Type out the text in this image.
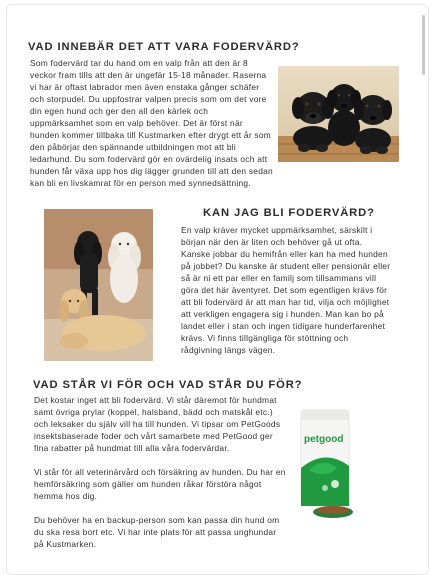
VAD INNEBÄR DET ATT VARA FODERVÄRD?

Som fodervärd tar du hand om en valp från att den är 8 veckor fram tills att den är ungefär 15-18 månader. Raserna vi har är oftast labrador men även enstaka gånger schäfer och storpudel. Du uppfostrar valpen precis som om det vore din egen hund och ger den all den kärlek och uppmärksamhet som en valp behöver. Det är först när hunden kommer tillbaka till Kustmarken efter drygt ett år som den påbörjar den spännande utbildningen mot att bli ledarhund. Du som fodervärd gör en ovärdelig insats och att hunden får växa upp hos dig lägger grunden till att den sedan kan bli en livskamrat för en person med synnedsättning.

KAN JAG BLI FODERVÄRD?

En valp kräver mycket uppmärksamhet, särskilt i början när den är liten och behöver gå ut ofta. Kanske jobbar du hemifrån eller kan ha med hunden på jobbet? Du kanske är student eller pensionär eller så är ni ett par eller en familj som tillsammans vill göra det här äventyret. Det som egentligen krävs för att bli fodervärd är att man har tid, vilja och möjlighet att verkligen engagera sig i hunden. Man kan bo på landet eller i stan och ingen tidigare hunderfarenhet krävs. Vi finns tillgängliga för stöttning och rådgivning längs vägen.

VAD STÅR VI FÖR OCH VAD STÅR DU FÖR?
Det kostar inget att bli fodervärd. Vi står däremot för hundmat samt övriga prylar (koppel, halsband, bädd och matskål etc.) och leksaker du själv vill ha till hunden. Vi tipsar om PetGoods insektsbaserade foder och vårt samarbete med PetGood ger fina rabatter på hundmat till alla våra fodervärdar.
Vi står för all veterinärvård och försäkring av hunden. Du har en hemförsäkring som gäller om hunden råkar förstöra något hemma hos dig.
Du behöver ha en backup-person som kan passa din hund om du ska resa bort etc. Vi har inte plats för att passa unghundar på Kustmarken.
petgood
